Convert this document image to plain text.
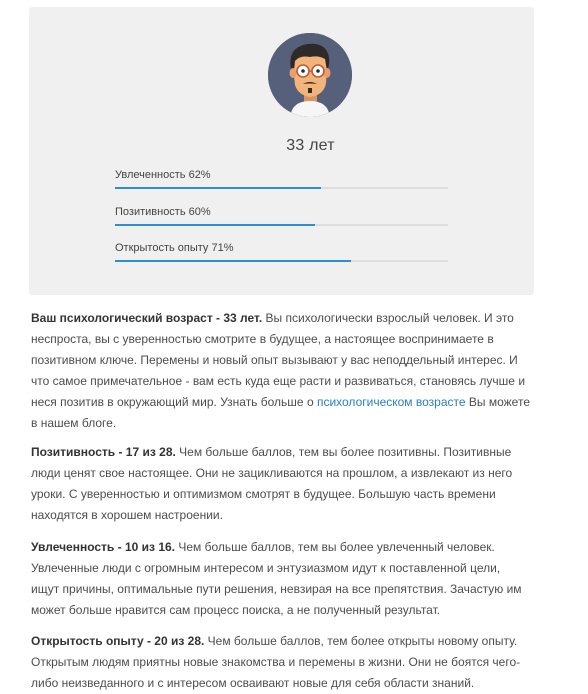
33 лет
Увлеченность 62%
Позитивность 60%
Открытость опыту 71%

Ваш психологический возраст - 33 лет. Вы психологически взрослый человек. И это неспроста, вы с уверенностью смотрите в будущее, а настоящее воспринимаете в позитивном ключе. Перемены и новый опыт вызывают у вас неподдельный интерес. И что самое примечательное - вам есть куда еще расти и развиваться, становясь лучше и неся позитив в окружающий мир. Узнать больше о психологическом возрасте Вы можете в нашем блоге.

Позитивность - 17 из 28. Чем больше баллов, тем вы более позитивны. Позитивные люди ценят свое настоящее. Они не зацикливаются на прошлом, а извлекают из него уроки. С уверенностью и оптимизмом смотрят в будущее. Большую часть времени находятся в хорошем настроении.

Увлеченность - 10 из 16. Чем больше баллов, тем вы более увлеченный человек. Увлеченные люди с огромным интересом и энтузиазмом идут к поставленной цели, ищут причины, оптимальные пути решения, невзирая на все препятствия. Зачастую им может больше нравится сам процесс поиска, а не полученный результат.

Открытость опыту - 20 из 28. Чем больше баллов, тем более открыты новому опыту. Открытым людям приятны новые знакомства и перемены в жизни. Они не боятся чего-либо неизведанного и с интересом осваивают новые для себя области знаний.
